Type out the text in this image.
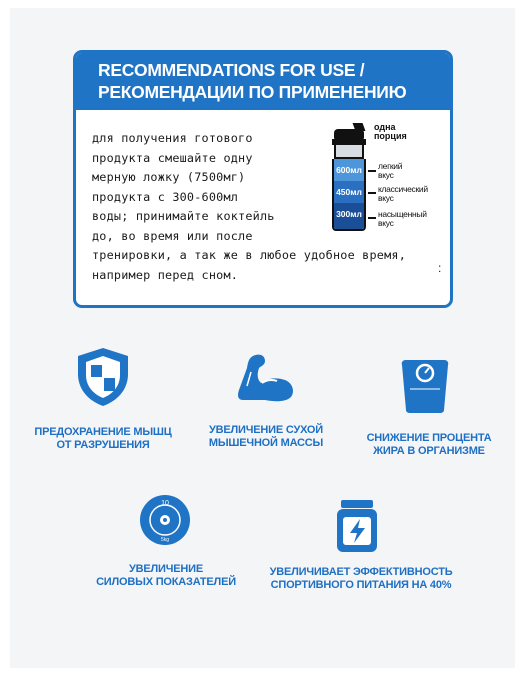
RECOMMENDATIONS FOR USE /
РЕКОМЕНДАЦИИ ПО ПРИМЕНЕНИЮ
для получения готового
продукта смешайте одну
мерную ложку (7500мг)
продукта с 300-600мл
воды; принимайте коктейль
до, во время или после
тренировки, а так же в любое удобное время,
например перед сном.	:
600мл
450мл
300мл
одна
порция
легкий
вкус
классический
вкус
насыщенный
вкус
ПРЕДОХРАНЕНИЕ МЫШЦ
ОТ РАЗРУШЕНИЯ
УВЕЛИЧЕНИЕ СУХОЙ
МЫШЕЧНОЙ МАССЫ	СНИЖЕНИЕ ПРОЦЕНТА
ЖИРА В ОРГАНИЗМЕ
10
5kg
УВЕЛИЧЕНИЕ
СИЛОВЫХ ПОКАЗАТЕЛЕЙ
УВЕЛИЧИВАЕТ ЭФФЕКТИВНОСТЬ
СПОРТИВНОГО ПИТАНИЯ НА 40%
